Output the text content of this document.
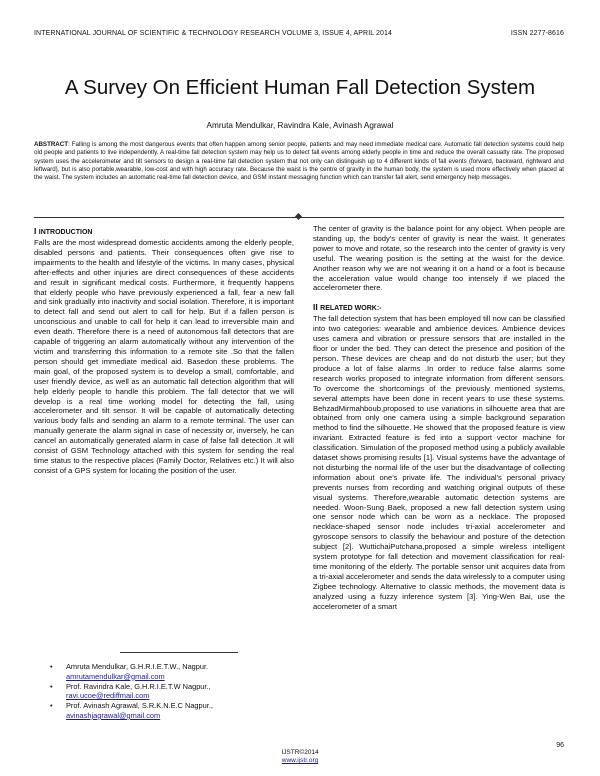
INTERNATIONAL JOURNAL OF SCIENTIFIC & TECHNOLOGY RESEARCH VOLUME 3, ISSUE 4, APRIL 2014	ISSN 2277-8616
A Survey On Efficient Human Fall Detection System
Amruta Mendulkar, Ravindra Kale, Avinash Agrawal
ABSTRACT: Falling is among the most dangerous events that often happen among senior people, patients and may need immediate medical care. Automatic fall detection systems could help old people and patients to live independently. A real-time fall detection system may help us to detect fall events among elderly people in time and reduce the overall casualty rate. The proposed system uses the accelerometer and tilt sensors to design a real-time fall detection system that not only can distinguish up to 4 different kinds of fall events (forward, backward, rightward and leftward), but is also portable,wearable, low-cost and with high accuracy rate. Because the waist is the centre of gravity in the human body, the system is used more effectively when placed at the waist. The system includes an automatic real-time fall detection device, and GSM instant messaging function which can transfer fall alert, send emergency help messages.
I INTRODUCTION

Falls are the most widespread domestic accidents among the elderly people, disabled persons and patients. Their consequences often give rise to impairments to the health and lifestyle of the victims. In many cases, physical after-effects and other injuries are direct consequences of these accidents and result in significant medical costs. Furthermore, it frequently happens that elderly people who have previously experienced a fall, fear a new fall and sink gradually into inactivity and social isolation. Therefore, it is important to detect fall and send out alert to call for help. But if a fallen person is unconscious and unable to call for help it can lead to irreversible main and even death. Therefore there is a need of autonomous fall detectors that are capable of triggering an alarm automatically without any intervention of the victim and transferring this information to a remote site .So that the fallen person should get immediate medical aid. Basedon these problems. The main goal, of the proposed system is to develop a small, comfortable, and user friendly device, as well as an automatic fall detection algorithm that will help elderly people to handle this problem. The fall detector that we will develop is a real time working model for detecting the fall, using accelerometer and tilt sensor. It will be capable of automatically detecting various body falls and sending an alarm to a remote terminal. The user can manually generate the alarm signal in case of necessity or, inversely, he can cancel an automatically generated alarm in case of false fall detection .It will consist of GSM Technology attached with this system for sending the real time status to the respective places (Family Doctor, Relatives etc.) It will also consist of a GPS system for locating the position of the user.

• Amruta Mendulkar, G.H.R.I.E.T.W., Nagpur.
amrutamendulkar@gmail.com
• Prof. Ravindra Kale, G.H.R.I.E.T.W Nagpur.,
ravi.ucoe@rediffmail.com
• Prof. Avinash Agrawal, S.R.K.N.E.C Nagpur.,
avinashjagrawal@gmail.com

The center of gravity is the balance point for any object. When people are standing up, the body's center of gravity is near the waist. It generates power to move and rotate, so the research into the center of gravity is very useful. The wearing position is the setting at the waist for the device. Another reason why we are not wearing it on a hand or a foot is because the acceleration value would change too intensely if we placed the accelerometer there.

II RELATED WORK:-

The fall detection system that has been employed till now can be classified into two categories: wearable and ambience devices. Ambience devices uses camera and vibration or pressure sensors that are installed in the floor or under the bed. They can detect the presence and position of the person. These devices are cheap and do not disturb the user; but they produce a lot of false alarms .In order to reduce false alarms some research works proposed to integrate information from different sensors. To overcome the shortcomings of the previously mentioned systems, several attempts have been done in recent years to use these systems. BehzadMirmahboub,proposed to use variations in silhouette area that are obtained from only one camera using a simple background separation method to find the silhouette. He showed that the proposed feature is view invariant. Extracted feature is fed into a support vector machine for classification. Simulation of the proposed method using a publicly available dataset shows promising results [1]. Visual systems have the advantage of not disturbing the normal life of the user but the disadvantage of collecting information about one's private life. The individual's personal privacy prevents nurses from recording and watching original outputs of these visual systems. Therefore,wearable automatic detection systems are needed. Woon-Sung Baek, proposed a new fall detection system using one sensor node which can be worn as a necklace. The proposed necklace-shaped sensor node includes tri-axial accelerometer and gyroscope sensors to classify the behaviour and posture of the detection subject [2]. WuttichaiPutchana,proposed a simple wireless intelligent system prototype for fall detection and movement classification for real-time monitoring of the elderly. The portable sensor unit acquires data from a tri-axial accelerometer and sends the data wirelessly to a computer using Zigbee technology. Alternative to classic methods, the movement data is analyzed using a fuzzy inference system [3]. Ying-Wen Bai, use the accelerometer of a smart

96
IJSTR©2014
www.ijstr.org
